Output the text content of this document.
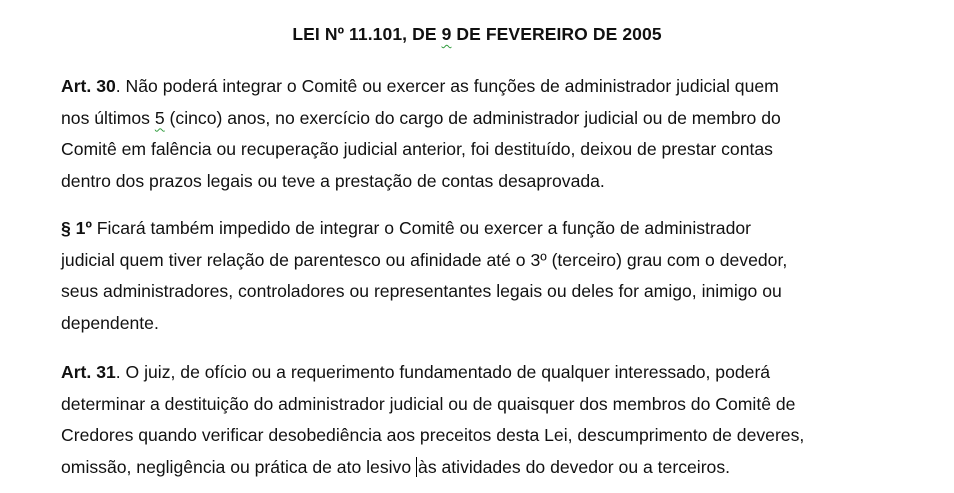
LEI Nº 11.101, DE 9 DE FEVEREIRO DE 2005
Art. 30. Não poderá integrar o Comitê ou exercer as funções de administrador judicial quem
nos últimos 5 (cinco) anos, no exercício do cargo de administrador judicial ou de membro do
Comitê em falência ou recuperação judicial anterior, foi destituído, deixou de prestar contas
dentro dos prazos legais ou teve a prestação de contas desaprovada.
§ 1º Ficará também impedido de integrar o Comitê ou exercer a função de administrador
judicial quem tiver relação de parentesco ou afinidade até o 3º (terceiro) grau com o devedor,
seus administradores, controladores ou representantes legais ou deles for amigo, inimigo ou
dependente.
Art. 31. O juiz, de ofício ou a requerimento fundamentado de qualquer interessado, poderá
determinar a destituição do administrador judicial ou de quaisquer dos membros do Comitê de
Credores quando verificar desobediência aos preceitos desta Lei, descumprimento de deveres,
omissão, negligência ou prática de ato lesivo às atividades do devedor ou a terceiros.
